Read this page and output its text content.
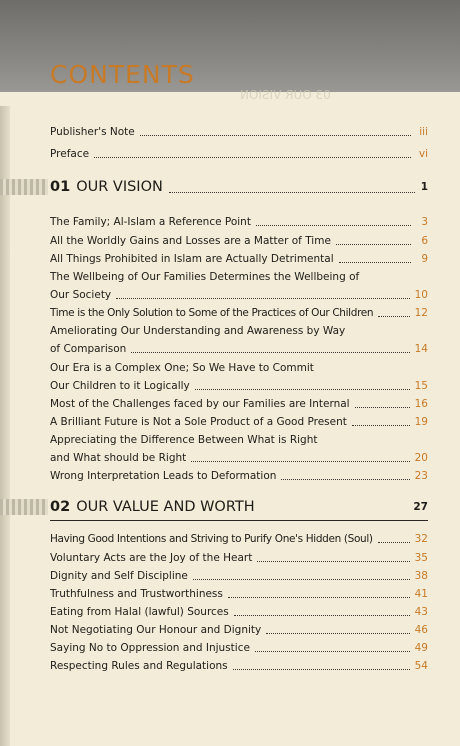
CONTENTS
03 OUR VISION
Publisher's Note	iii
Preface	vi
01 OUR VISION	1
The Family; Al-Islam a Reference Point	3
All the Worldly Gains and Losses are a Matter of Time	6
All Things Prohibited in Islam are Actually Detrimental	9
The Wellbeing of Our Families Determines the Wellbeing of
Our Society	10
Time is the Only Solution to Some of the Practices of Our Children	12
Ameliorating Our Understanding and Awareness by Way
of Comparison	14
Our Era is a Complex One; So We Have to Commit
Our Children to it Logically	15
Most of the Challenges faced by our Families are Internal	16
A Brilliant Future is Not a Sole Product of a Good Present	19
Appreciating the Difference Between What is Right
and What should be Right	20
Wrong Interpretation Leads to Deformation	23
02 OUR VALUE AND WORTH	27
Having Good Intentions and Striving to Purify One's Hidden (Soul)	32
Voluntary Acts are the Joy of the Heart	35
Dignity and Self Discipline	38
Truthfulness and Trustworthiness	41
Eating from Halal (lawful) Sources	43
Not Negotiating Our Honour and Dignity	46
Saying No to Oppression and Injustice	49
Respecting Rules and Regulations	54
